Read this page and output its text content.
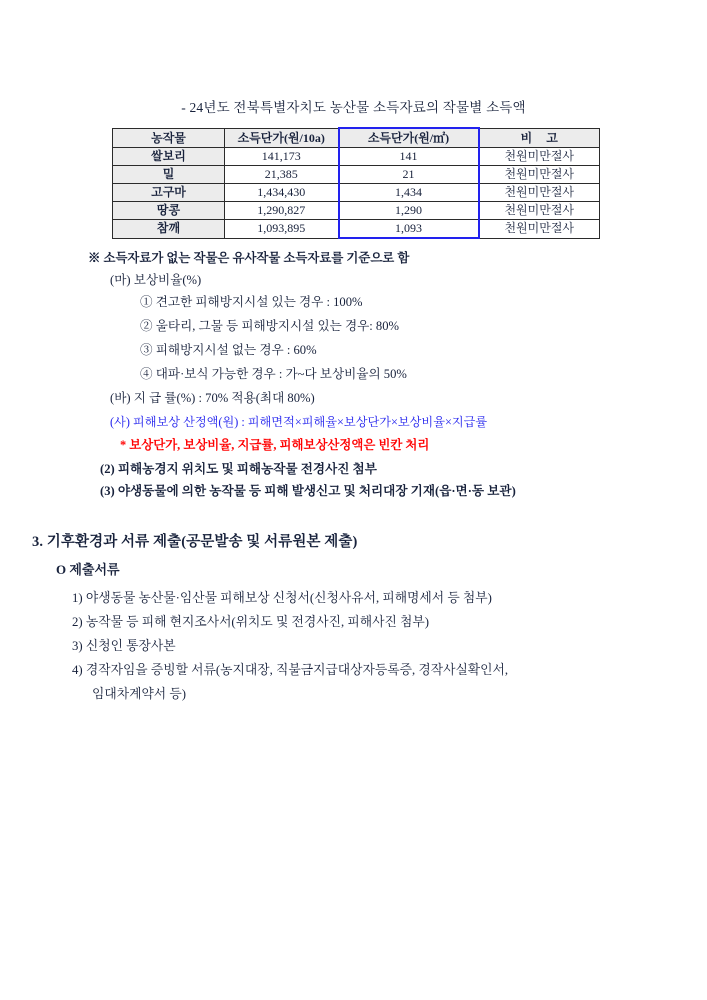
- 24년도 전북특별자치도 농산물 소득자료의 작물별 소득액
농작물	소득단가(원/10a)	소득단가(원/㎡)	비 고
쌀보리	141,173	141	천원미만절사
밀	21,385	21	천원미만절사
고구마	1,434,430	1,434	천원미만절사
땅콩	1,290,827	1,290	천원미만절사
참깨	1,093,895	1,093	천원미만절사
※ 소득자료가 없는 작물은 유사작물 소득자료를 기준으로 함
(마) 보상비율(%)
① 견고한 피해방지시설 있는 경우 : 100%
② 울타리, 그물 등 피해방지시설 있는 경우: 80%
③ 피해방지시설 없는 경우 : 60%
④ 대파·보식 가능한 경우 : 가~다 보상비율의 50%
(바) 지 급 률(%) : 70% 적용(최대 80%)
(사) 피해보상 산정액(원) : 피해면적×피해율×보상단가×보상비율×지급률
* 보상단가, 보상비율, 지급률, 피해보상산정액은 빈칸 처리
(2) 피해농경지 위치도 및 피해농작물 전경사진 첨부
(3) 야생동물에 의한 농작물 등 피해 발생신고 및 처리대장 기재(읍·면·동 보관)
3. 기후환경과 서류 제출(공문발송 및 서류원본 제출)
O 제출서류
1) 야생동물 농산물·임산물 피해보상 신청서(신청사유서, 피해명세서 등 첨부)
2) 농작물 등 피해 현지조사서(위치도 및 전경사진, 피해사진 첨부)
3) 신청인 통장사본
4) 경작자임을 증빙할 서류(농지대장, 직불금지급대상자등록증, 경작사실확인서,
임대차계약서 등)
